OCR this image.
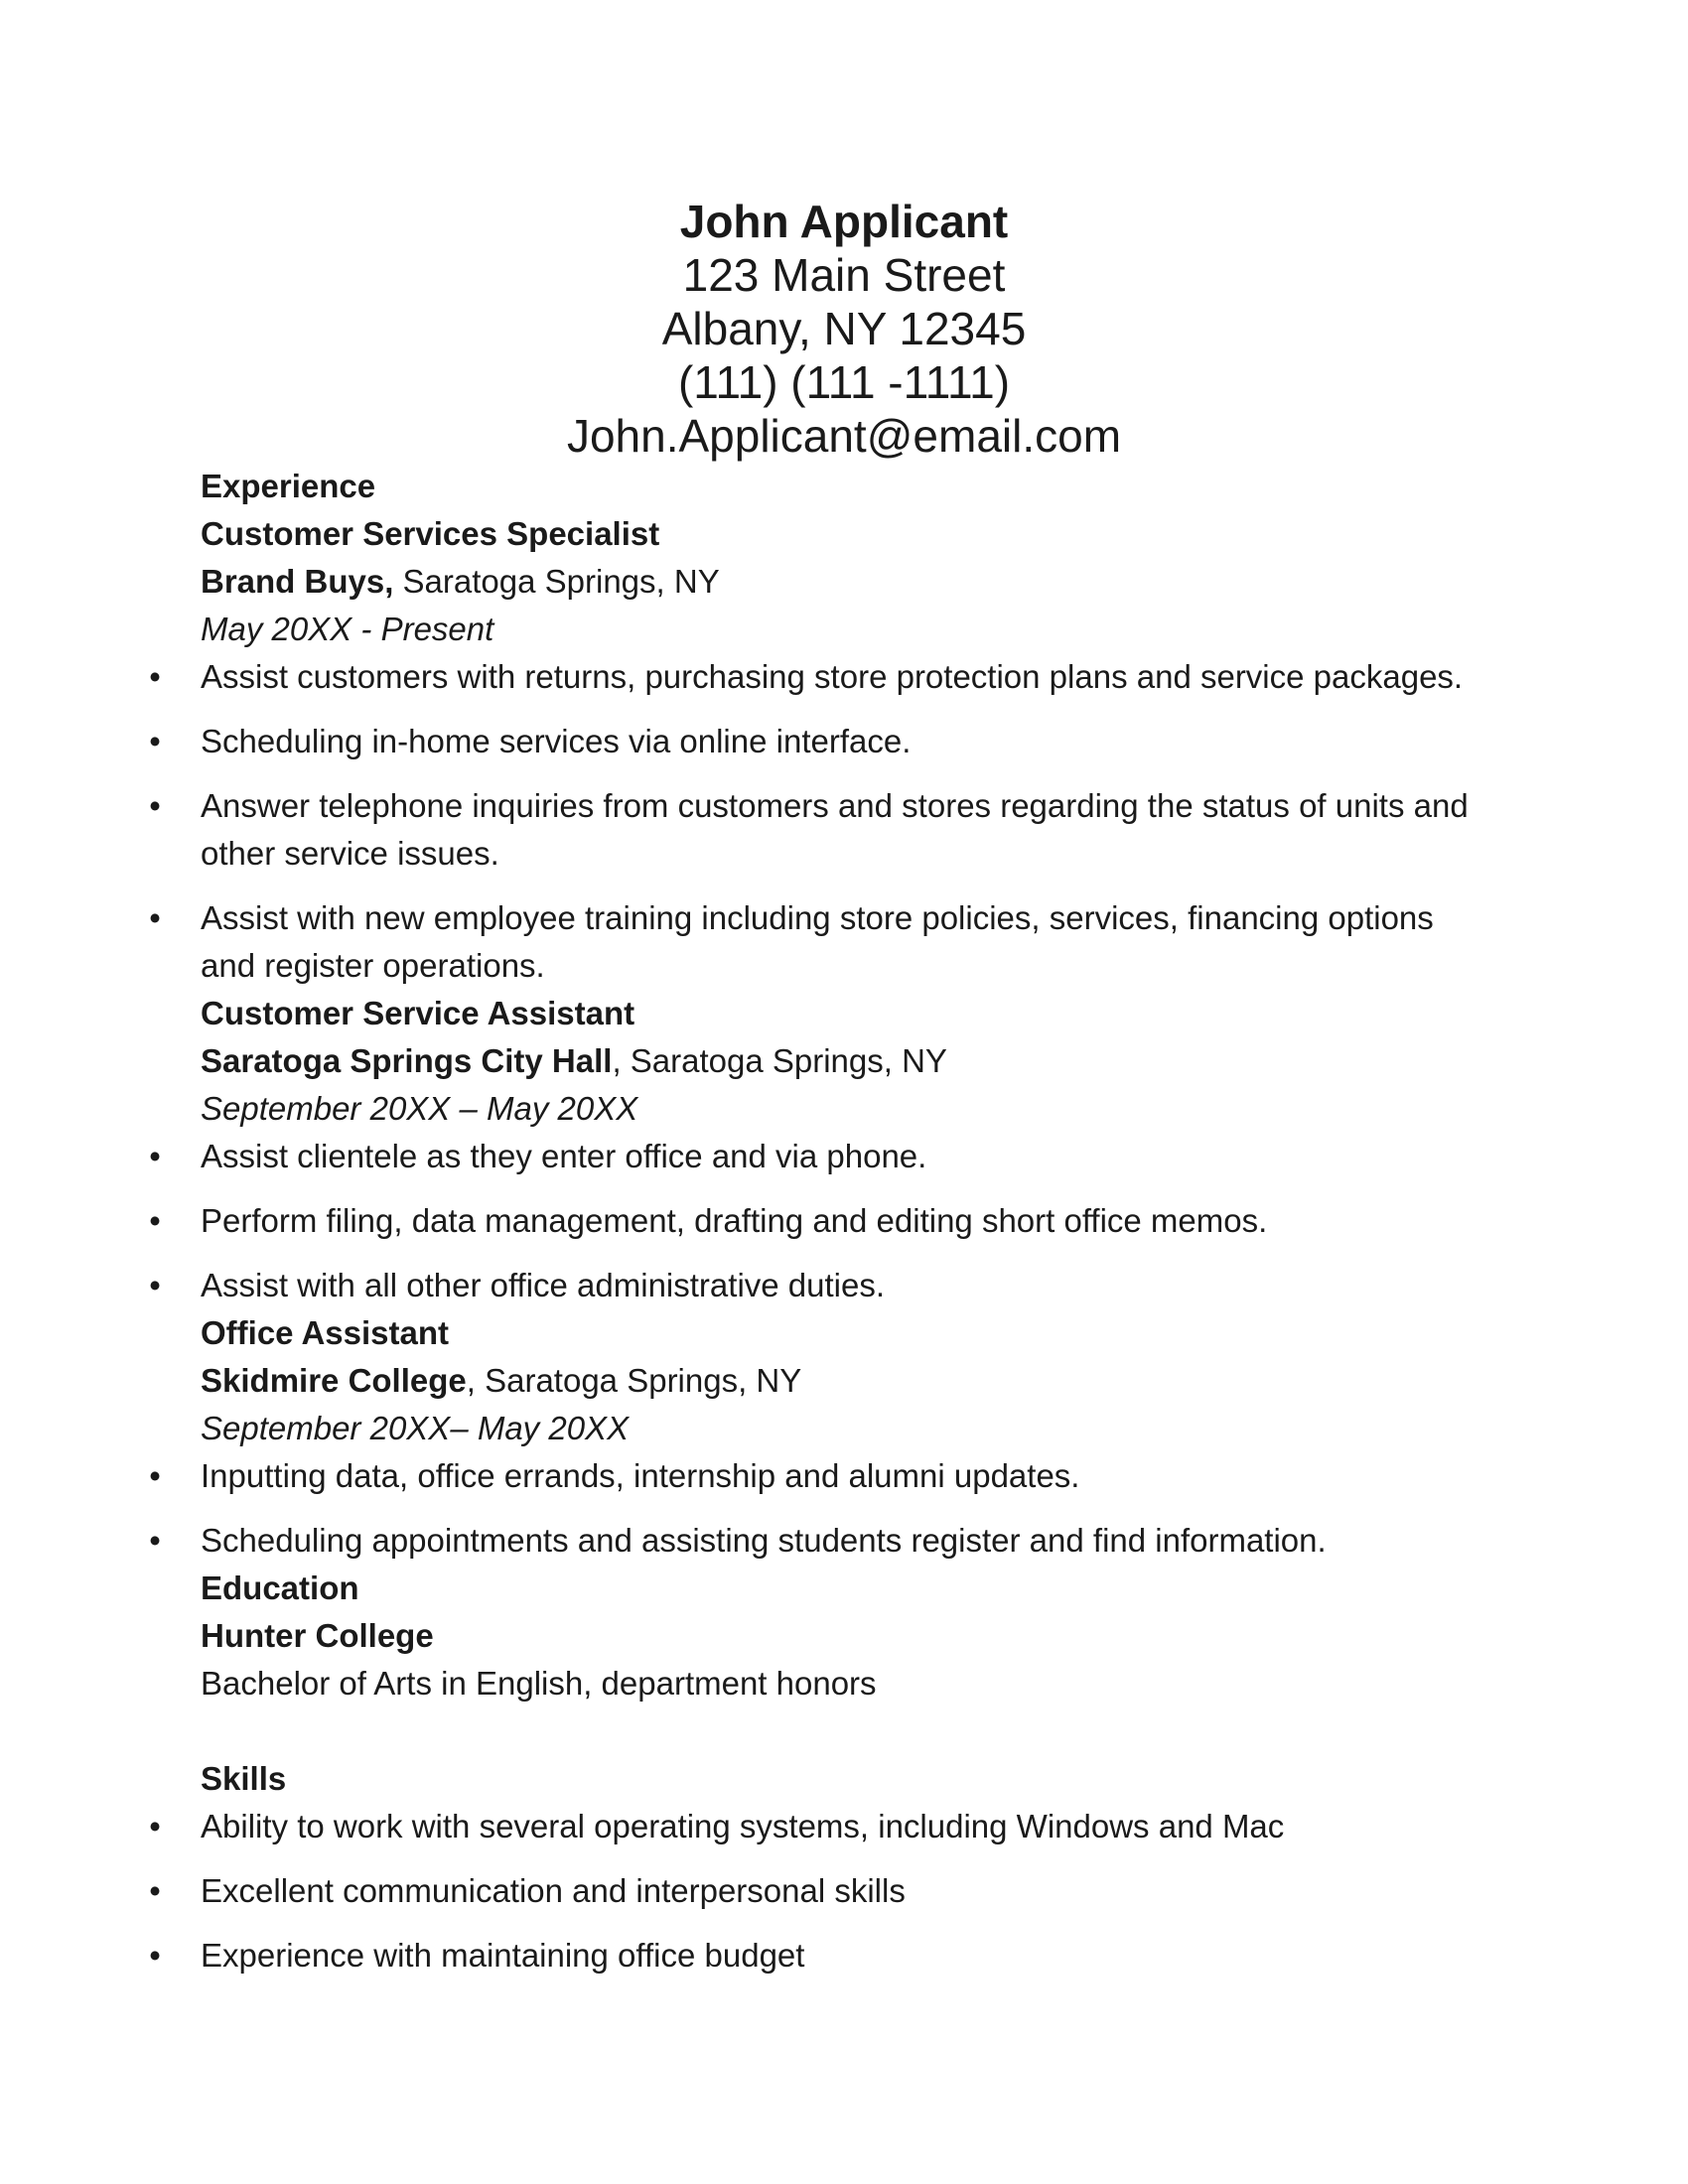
John Applicant

123 Main Street

Albany, NY 12345

(111) (111 -1111)

John.Applicant@email.com

Experience

Customer Services Specialist

Brand Buys, Saratoga Springs, NY

May 20XX - Present

• Assist customers with returns, purchasing store protection plans and service packages.

• Scheduling in-home services via online interface.

• Answer telephone inquiries from customers and stores regarding the status of units and other service issues.

• Assist with new employee training including store policies, services, financing options and register operations.

Customer Service Assistant

Saratoga Springs City Hall, Saratoga Springs, NY

September 20XX – May 20XX

• Assist clientele as they enter office and via phone.

• Perform filing, data management, drafting and editing short office memos.

• Assist with all other office administrative duties.

Office Assistant

Skidmire College, Saratoga Springs, NY

September 20XX– May 20XX

• Inputting data, office errands, internship and alumni updates.

• Scheduling appointments and assisting students register and find information.

Education

Hunter College

Bachelor of Arts in English, department honors

Skills

• Ability to work with several operating systems, including Windows and Mac

• Excellent communication and interpersonal skills

• Experience with maintaining office budget
